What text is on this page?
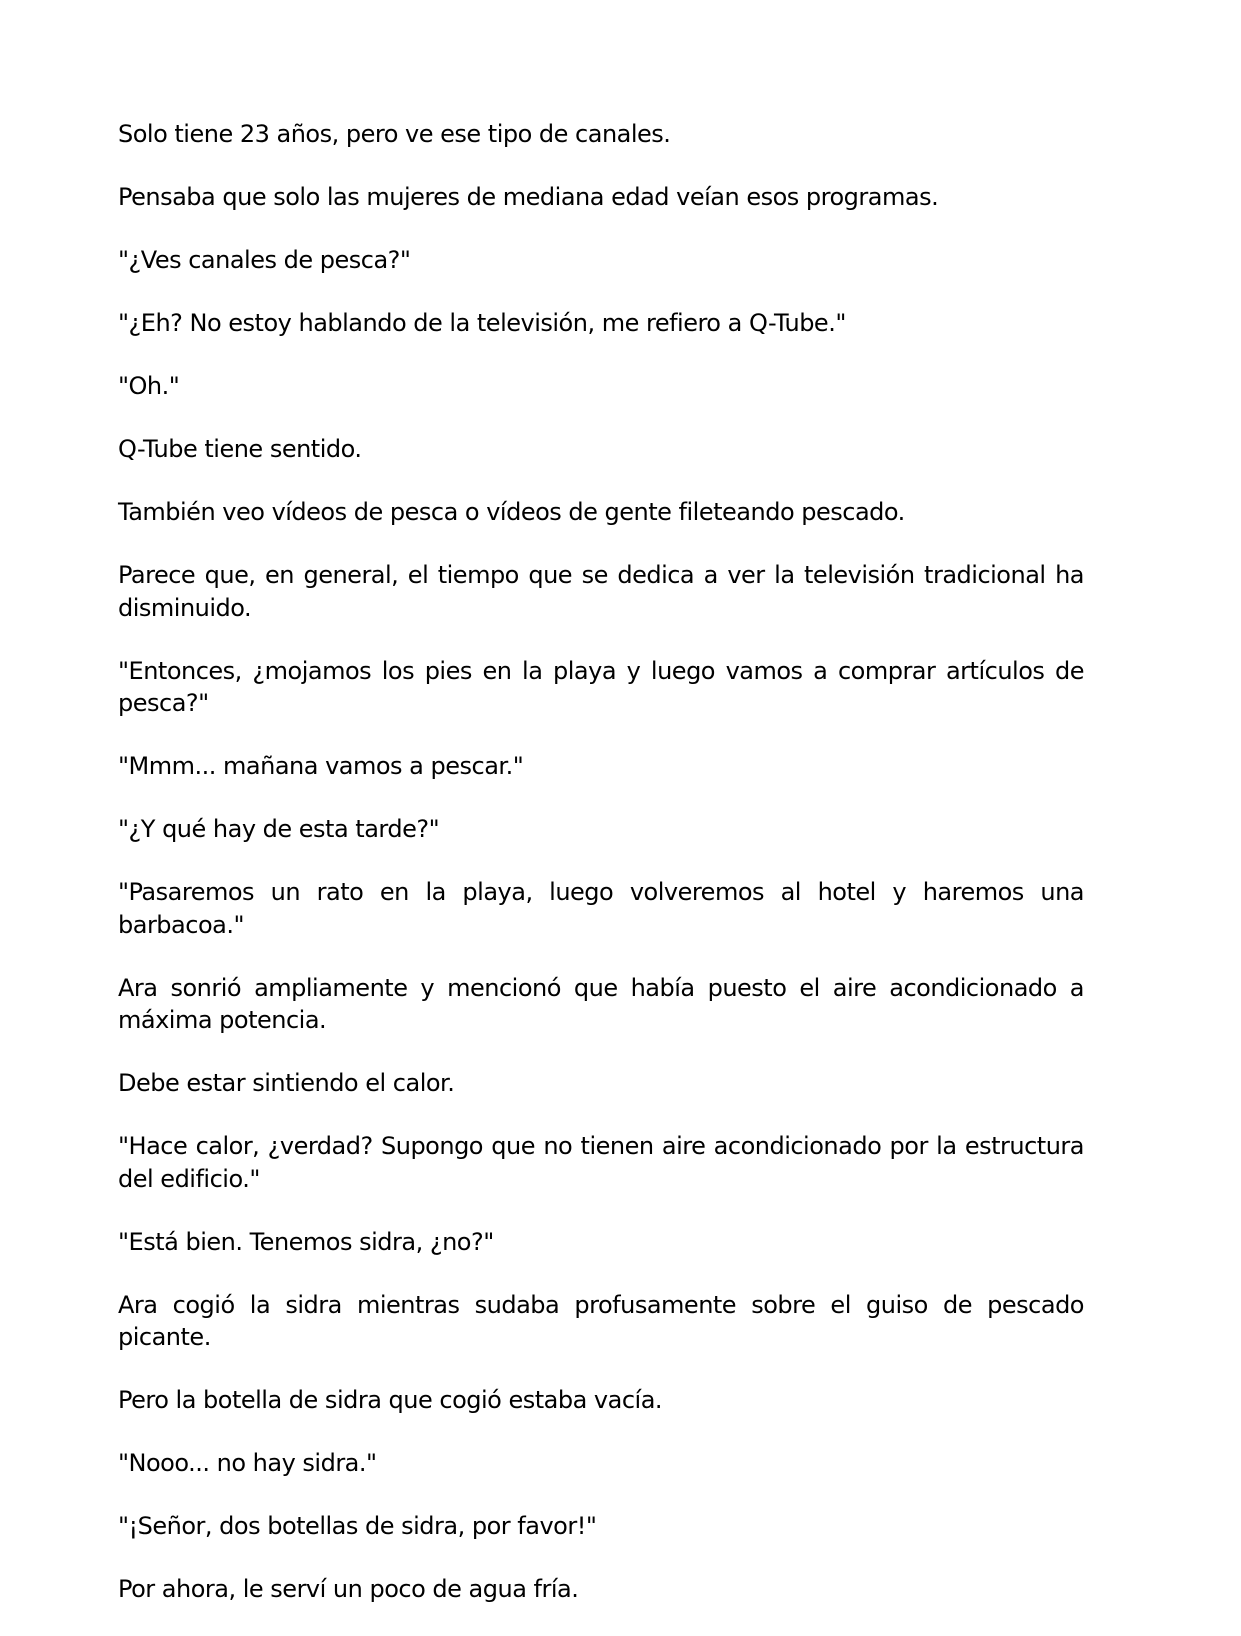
Solo tiene 23 años, pero ve ese tipo de canales.

Pensaba que solo las mujeres de mediana edad veían esos programas.

"¿Ves canales de pesca?"

"¿Eh? No estoy hablando de la televisión, me refiero a Q-Tube."

"Oh."

Q-Tube tiene sentido.

También veo vídeos de pesca o vídeos de gente fileteando pescado.

Parece que, en general, el tiempo que se dedica a ver la televisión tradicional ha disminuido.

"Entonces, ¿mojamos los pies en la playa y luego vamos a comprar artículos de pesca?"

"Mmm... mañana vamos a pescar."

"¿Y qué hay de esta tarde?"

"Pasaremos un rato en la playa, luego volveremos al hotel y haremos una barbacoa."

Ara sonrió ampliamente y mencionó que había puesto el aire acondicionado a máxima potencia.

Debe estar sintiendo el calor.

"Hace calor, ¿verdad? Supongo que no tienen aire acondicionado por la estructura del edificio."

"Está bien. Tenemos sidra, ¿no?"

Ara cogió la sidra mientras sudaba profusamente sobre el guiso de pescado picante.

Pero la botella de sidra que cogió estaba vacía.

"Nooo... no hay sidra."

"¡Señor, dos botellas de sidra, por favor!"

Por ahora, le serví un poco de agua fría.
